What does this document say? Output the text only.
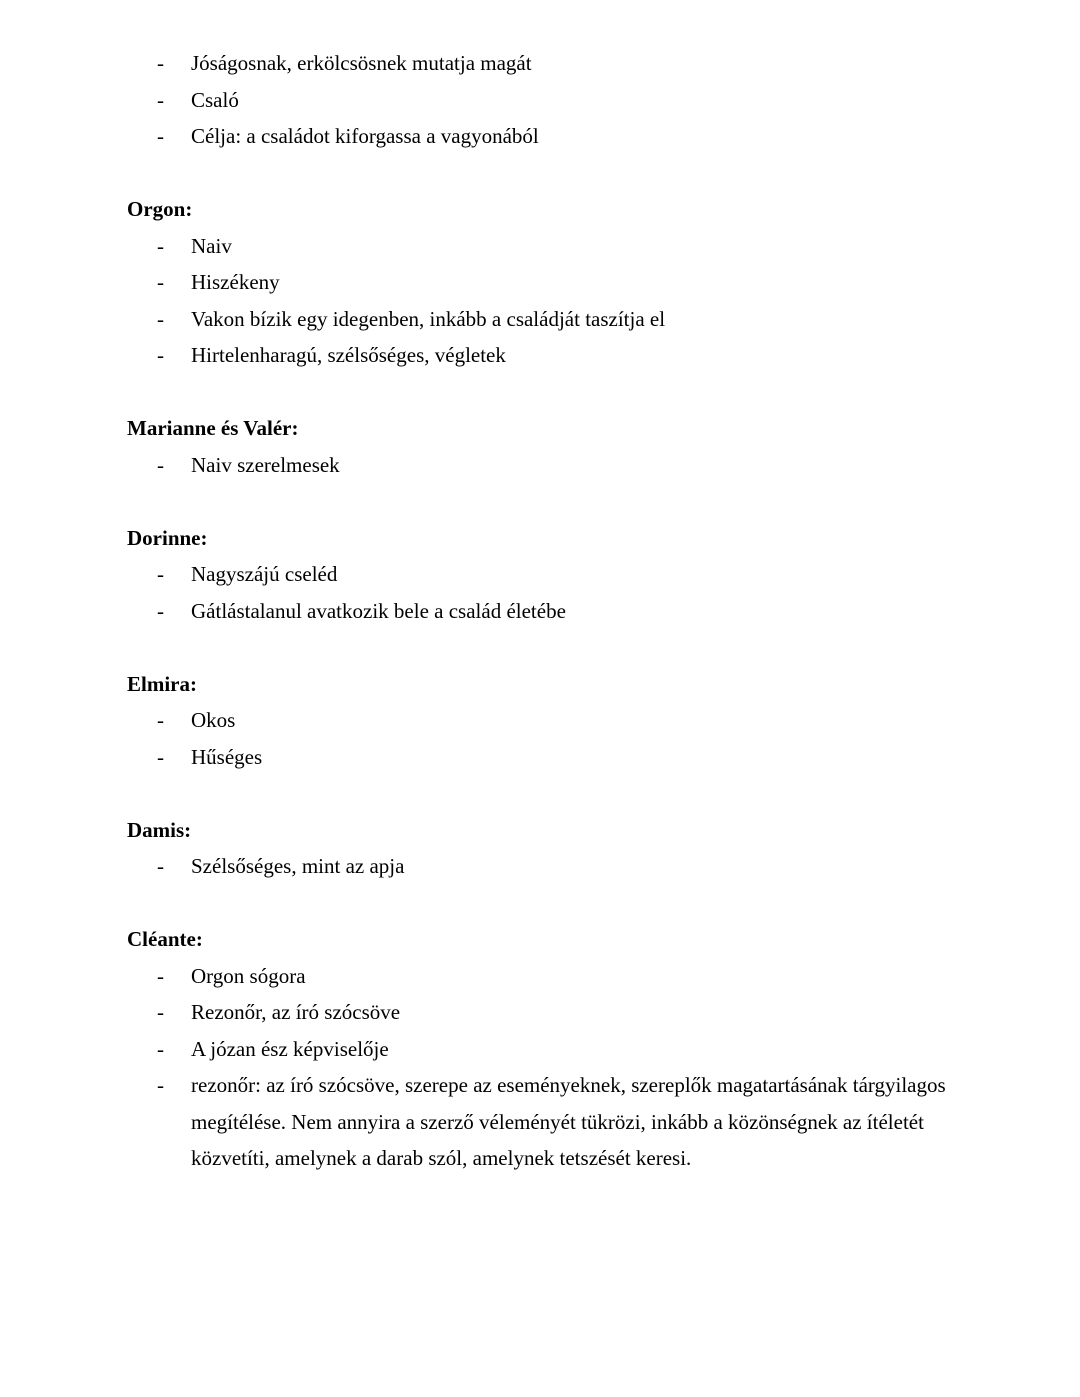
- Jóságosnak, erkölcsösnek mutatja magát
- Csaló
- Célja: a családot kiforgassa a vagyonából
Orgon:
- Naiv
- Hiszékeny
- Vakon bízik egy idegenben, inkább a családját taszítja el
- Hirtelenharagú, szélsőséges, végletek
Marianne és Valér:
- Naiv szerelmesek
Dorinne:
- Nagyszájú cseléd
- Gátlástalanul avatkozik bele a család életébe
Elmira:
- Okos
- Hűséges
Damis:
- Szélsőséges, mint az apja
Cléante:
- Orgon sógora
- Rezonőr, az író szócsöve
- A józan ész képviselője
- rezonőr: az író szócsöve, szerepe az eseményeknek, szereplők magatartásának tárgyilagos
megítélése. Nem annyira a szerző véleményét tükrözi, inkább a közönségnek az ítéletét
közvetíti, amelynek a darab szól, amelynek tetszését keresi.
